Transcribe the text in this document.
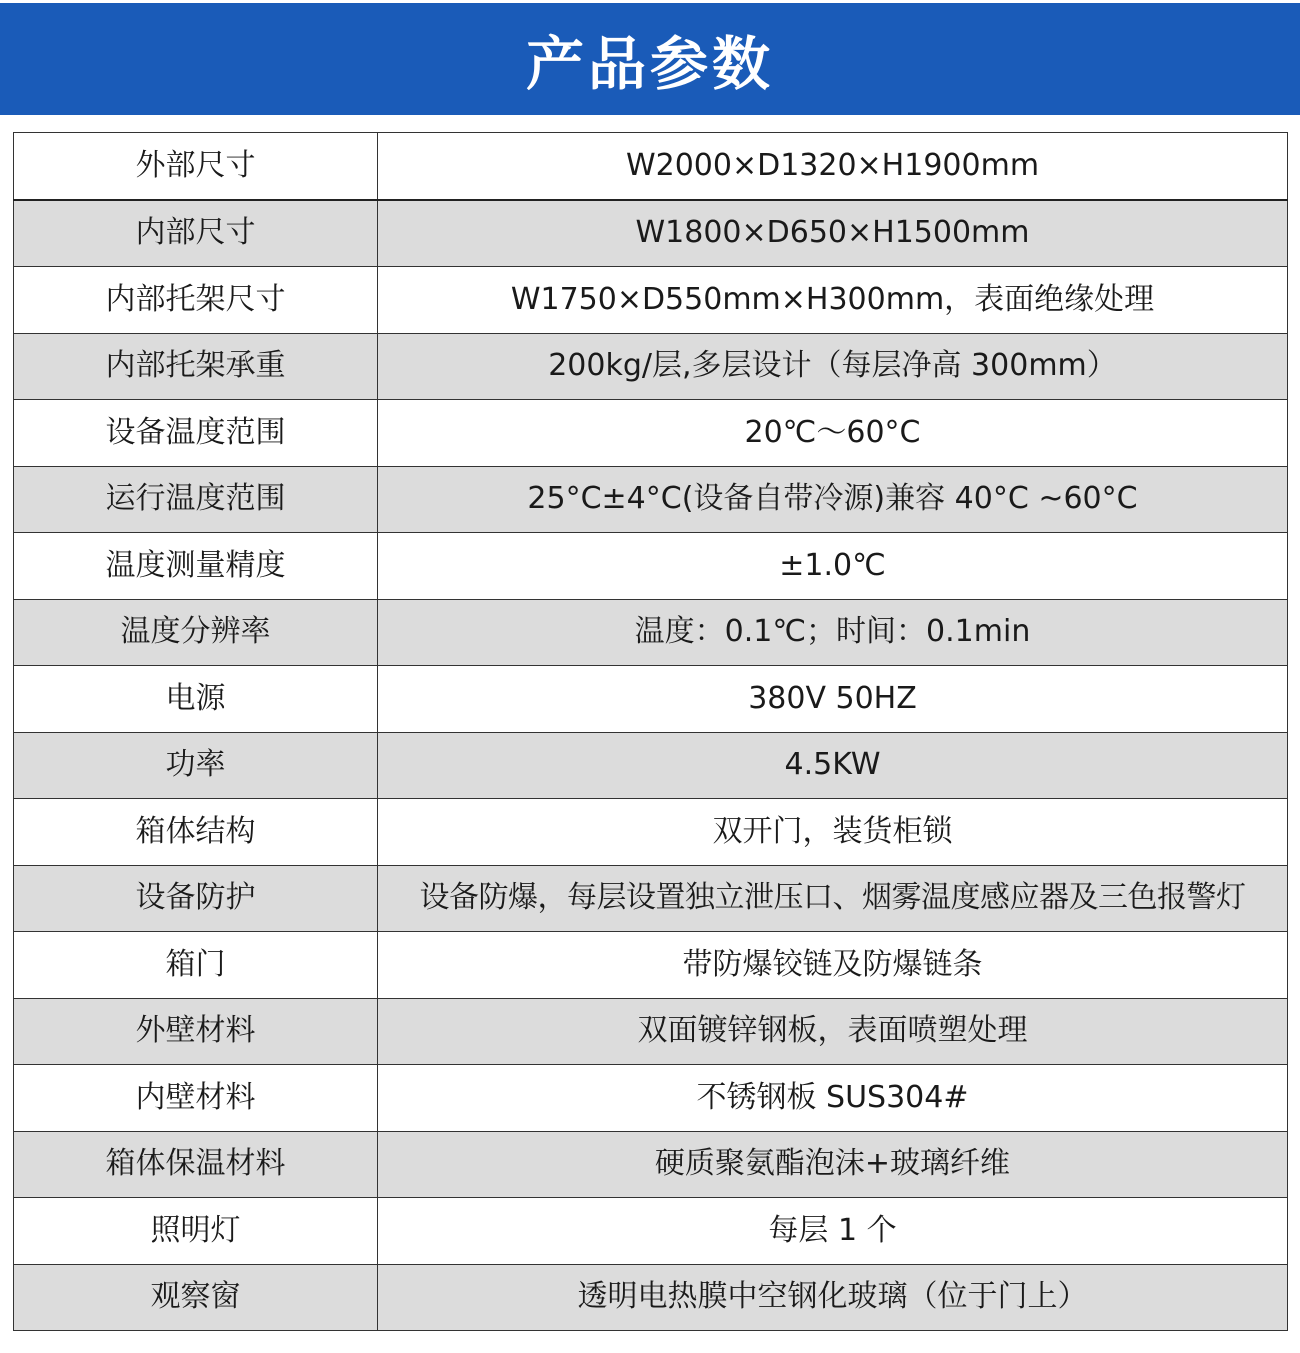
产品参数
外部尺寸	W2000×D1320×H1900mm
内部尺寸	W1800×D650×H1500mm
内部托架尺寸	W1750×D550mm×H300mm，表面绝缘处理
内部托架承重	200kg/层,多层设计（每层净高 300mm）
设备温度范围	20℃～60°C
运行温度范围	25°C±4°C(设备自带冷源)兼容 40°C ~60°C
温度测量精度	±1.0℃
温度分辨率	温度：0.1℃；时间：0.1min
电源	380V 50HZ
功率	4.5KW
箱体结构	双开门，装货柜锁
设备防护	设备防爆，每层设置独立泄压口、烟雾温度感应器及三色报警灯
箱门	带防爆铰链及防爆链条
外壁材料	双面镀锌钢板，表面喷塑处理
内壁材料	不锈钢板 SUS304#
箱体保温材料	硬质聚氨酯泡沫+玻璃纤维
照明灯	每层 1 个
观察窗	透明电热膜中空钢化玻璃（位于门上）
